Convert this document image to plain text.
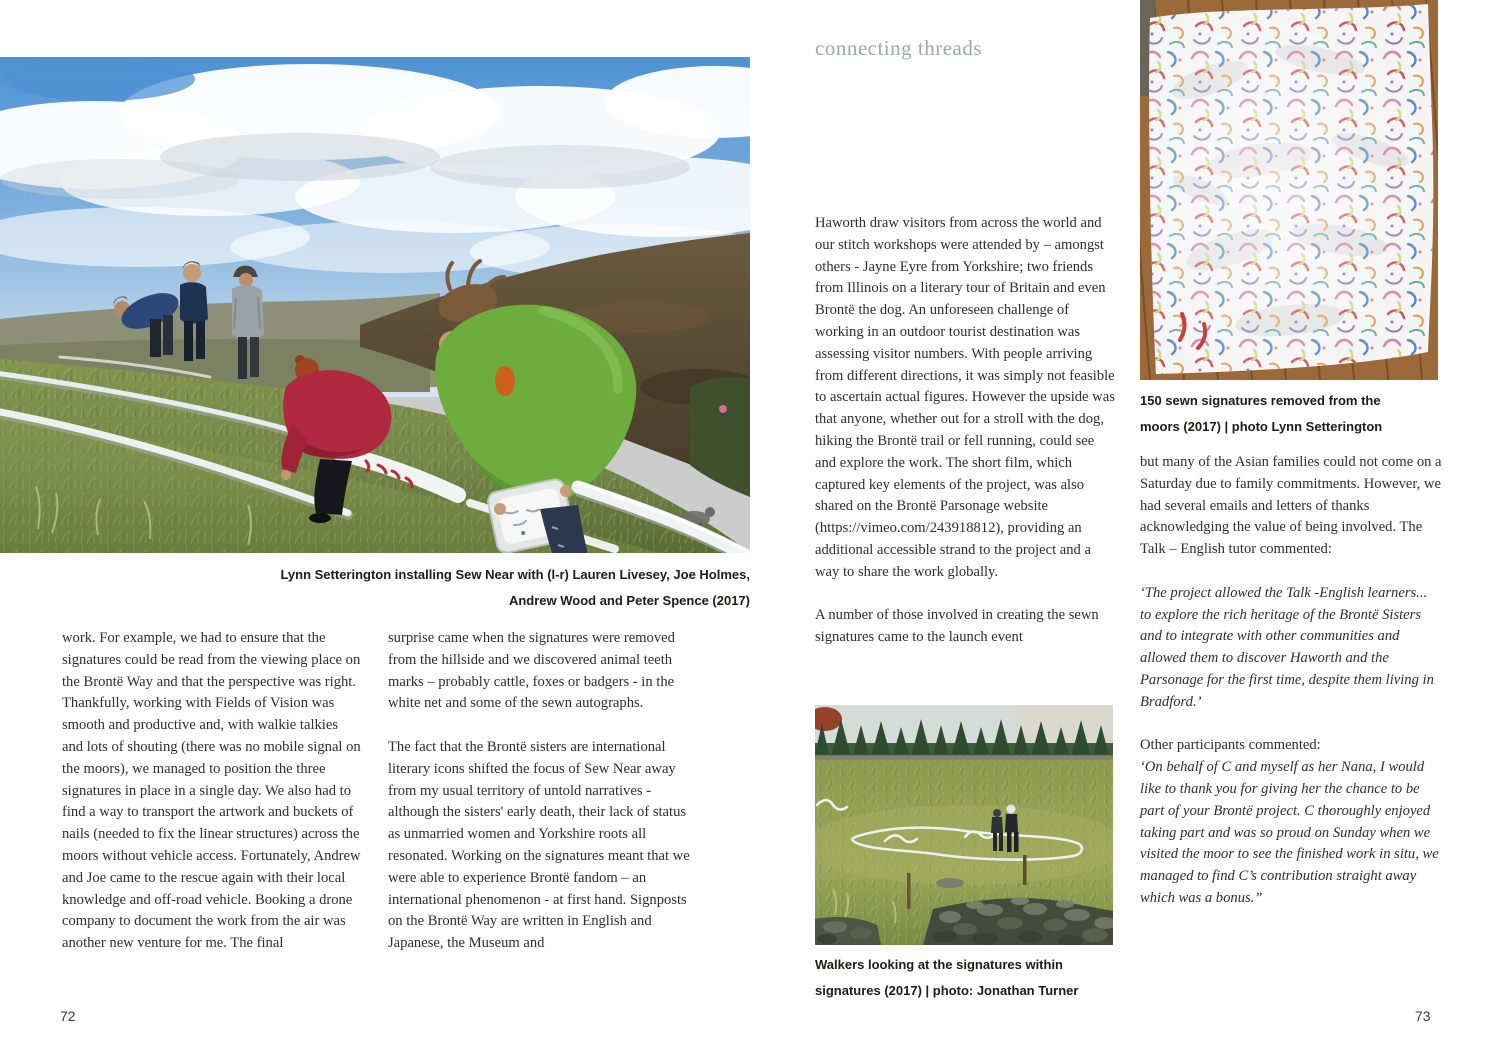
Lynn Setterington installing Sew Near with (l-r) Lauren Livesey, Joe Holmes, Andrew Wood and Peter Spence (2017)
work. For example, we had to ensure that the signatures could be read from the viewing place on the Brontë Way and that the perspective was right. Thankfully, working with Fields of Vision was smooth and productive and, with walkie talkies and lots of shouting (there was no mobile signal on the moors), we managed to position the three signatures in place in a single day. We also had to find a way to transport the artwork and buckets of nails (needed to fix the linear structures) across the moors without vehicle access. Fortunately, Andrew and Joe came to the rescue again with their local knowledge and off-road vehicle. Booking a drone company to document the work from the air was another new venture for me. The final

surprise came when the signatures were removed from the hillside and we discovered animal teeth marks – probably cattle, foxes or badgers - in the white net and some of the sewn autographs.

The fact that the Brontë sisters are international literary icons shifted the focus of Sew Near away from my usual territory of untold narratives - although the sisters' early death, their lack of status as unmarried women and Yorkshire roots all resonated. Working on the signatures meant that we were able to experience Brontë fandom – an international phenomenon - at first hand. Signposts on the Brontë Way are written in English and Japanese, the Museum and

72
connecting threads

Haworth draw visitors from across the world and our stitch workshops were attended by – amongst others - Jayne Eyre from Yorkshire; two friends from Illinois on a literary tour of Britain and even Brontë the dog. An unforeseen challenge of working in an outdoor tourist destination was assessing visitor numbers. With people arriving from different directions, it was simply not feasible to ascertain actual figures. However the upside was that anyone, whether out for a stroll with the dog, hiking the Brontë trail or fell running, could see and explore the work. The short film, which captured key elements of the project, was also shared on the Brontë Parsonage website (https://vimeo.com/243918812), providing an additional accessible strand to the project and a way to share the work globally.

A number of those involved in creating the sewn signatures came to the launch event

150 sewn signatures removed from the moors (2017) | photo Lynn Setterington

but many of the Asian families could not come on a Saturday due to family commitments. However, we had several emails and letters of thanks acknowledging the value of being involved. The Talk – English tutor commented:

‘The project allowed the Talk -English learners... to explore the rich heritage of the Brontë Sisters and to integrate with other communities and allowed them to discover Haworth and the Parsonage for the first time, despite them living in Bradford.’

Other participants commented:
‘On behalf of C and myself as her Nana, I would like to thank you for giving her the chance to be part of your Brontë project. C thoroughly enjoyed taking part and was so proud on Sunday when we visited the moor to see the finished work in situ, we managed to find C’s contribution straight away which was a bonus.”

Walkers looking at the signatures within signatures (2017) | photo: Jonathan Turner
73
